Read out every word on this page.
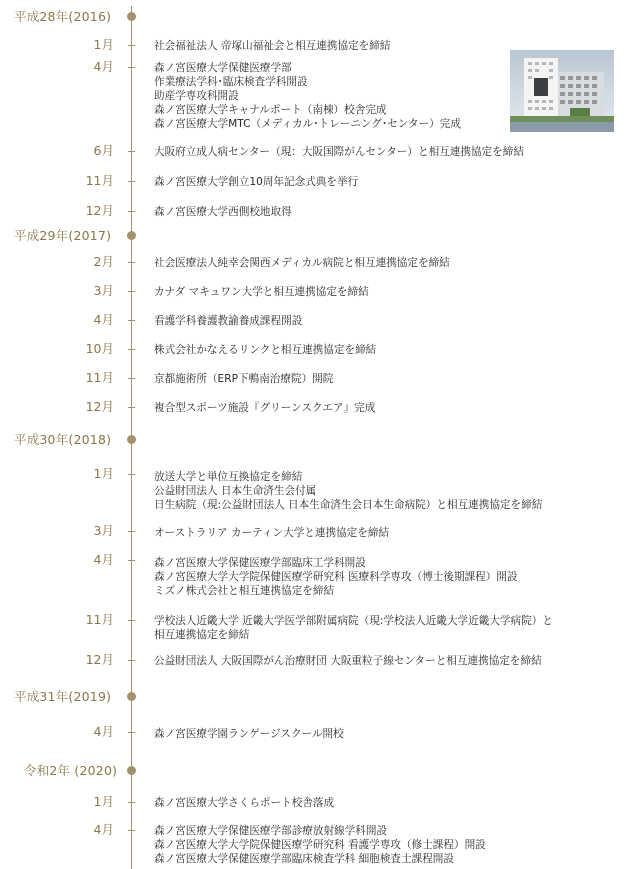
平成28年(2016)
1月	社会福祉法人 帝塚山福祉会と相互連携協定を締結
4月	森ノ宮医療大学保健医療学部
作業療法学科･臨床検査学科開設
助産学専攻科開設
森ノ宮医療大学キャナルポート（南棟）校舎完成
森ノ宮医療大学MTC（メディカル･トレーニング･センター）完成
6月	大阪府立成人病センター（現：大阪国際がんセンター）と相互連携協定を締結
11月	森ノ宮医療大学創立10周年記念式典を挙行
12月	森ノ宮医療大学西側校地取得
平成29年(2017)
2月	社会医療法人純幸会関西メディカル病院と相互連携協定を締結
3月	カナダ マキュワン大学と相互連携協定を締結
4月	看護学科養護教諭養成課程開設
10月	株式会社かなえるリンクと相互連携協定を締結
11月	京都施術所（ERP下鴨南治療院）開院
12月	複合型スポーツ施設『グリーンスクエア』完成
平成30年(2018)
1月	放送大学と単位互換協定を締結
公益財団法人 日本生命済生会付属
日生病院（現:公益財団法人 日本生命済生会日本生命病院）と相互連携協定を締結
3月	オーストラリア カーティン大学と連携協定を締結
4月	森ノ宮医療大学保健医療学部臨床工学科開設
森ノ宮医療大学大学院保健医療学研究科 医療科学専攻（博士後期課程）開設
ミズノ株式会社と相互連携協定を締結
11月	学校法人近畿大学 近畿大学医学部附属病院（現:学校法人近畿大学近畿大学病院）と
相互連携協定を締結
12月	公益財団法人 大阪国際がん治療財団 大阪重粒子線センターと相互連携協定を締結
平成31年(2019)
4月	森ノ宮医療学園ランゲージスクール開校
令和2年 (2020)
1月	森ノ宮医療大学さくらポート校舎落成
4月	森ノ宮医療大学保健医療学部診療放射線学科開設
森ノ宮医療大学大学院保健医療学研究科 看護学専攻（修士課程）開設
森ノ宮医療大学保健医療学部臨床検査学科 細胞検査士課程開設
